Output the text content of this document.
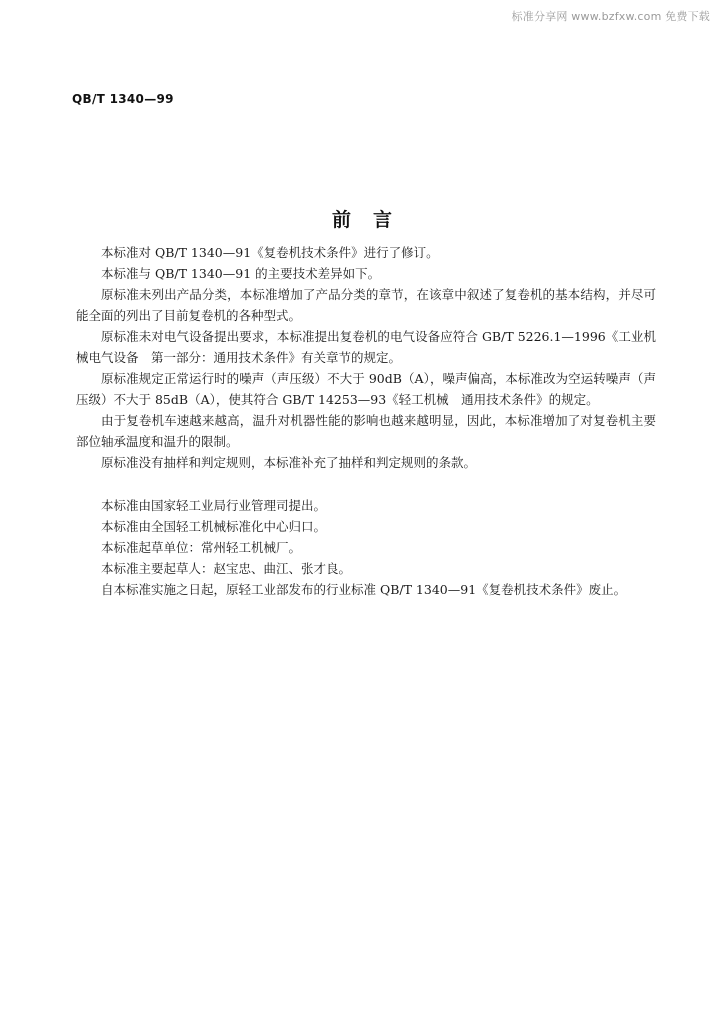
标准分享网 www.bzfxw.com 免费下载
QB/T 1340—99
前言

本标准对 QB/T 1340—91《复卷机技术条件》进行了修订。

本标准与 QB/T 1340—91 的主要技术差异如下。

原标准未列出产品分类，本标准增加了产品分类的章节，在该章中叙述了复卷机的基本结构，并尽可能全面的列出了目前复卷机的各种型式。

原标准未对电气设备提出要求，本标准提出复卷机的电气设备应符合 GB/T 5226.1—1996《工业机械电气设备　第一部分：通用技术条件》有关章节的规定。

原标准规定正常运行时的噪声（声压级）不大于 90dB（A），噪声偏高，本标准改为空运转噪声（声压级）不大于 85dB（A），使其符合 GB/T 14253—93《轻工机械　通用技术条件》的规定。

由于复卷机车速越来越高，温升对机器性能的影响也越来越明显，因此，本标准增加了对复卷机主要部位轴承温度和温升的限制。

原标准没有抽样和判定规则，本标准补充了抽样和判定规则的条款。

本标准由国家轻工业局行业管理司提出。

本标准由全国轻工机械标准化中心归口。

本标准起草单位：常州轻工机械厂。

本标准主要起草人：赵宝忠、曲江、张才良。

自本标准实施之日起，原轻工业部发布的行业标准 QB/T 1340—91《复卷机技术条件》废止。
